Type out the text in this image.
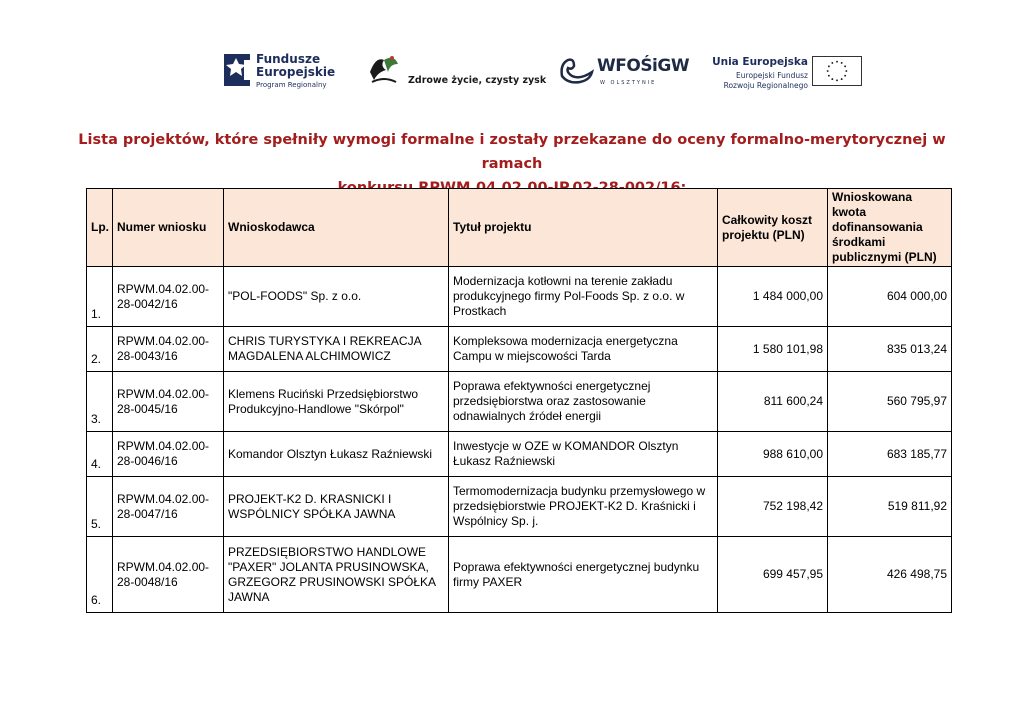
Fundusze
Europejskie
Program Regionalny	Zdrowe życie, czysty zysk
WFOŚiGW
W OLSZTYNIE
Unia Europejska
Europejski Fundusz
Rozwoju Regionalnego
Lista projektów, które spełniły wymogi formalne i zostały przekazane do oceny formalno-merytorycznej w ramach
Lp.	Numer wniosku	Wnioskodawca	Tytuł projektu	Całkowity koszt projektu (PLN)	Wnioskowana kwota dofinansowania środkami publicznymi (PLN)
1.	RPWM.04.02.00-28-0042/16	"POL-FOODS" Sp. z o.o.	Modernizacja kotłowni na terenie zakładu produkcyjnego firmy Pol-Foods Sp. z o.o. w Prostkach	1 484 000,00	604 000,00
2.	RPWM.04.02.00-28-0043/16	CHRIS TURYSTYKA I REKREACJA MAGDALENA ALCHIMOWICZ	Kompleksowa modernizacja energetyczna Campu w miejscowości Tarda	1 580 101,98	835 013,24
3.	RPWM.04.02.00-28-0045/16	Klemens Ruciński Przedsiębiorstwo Produkcyjno-Handlowe "Skórpol"	Poprawa efektywności energetycznej przedsiębiorstwa oraz zastosowanie odnawialnych źródeł energii	811 600,24	560 795,97
4.	RPWM.04.02.00-28-0046/16	Komandor Olsztyn Łukasz Raźniewski	Inwestycje w OZE w KOMANDOR Olsztyn Łukasz Raźniewski	988 610,00	683 185,77
5.	RPWM.04.02.00-28-0047/16	PROJEKT-K2 D. KRASNICKI I WSPÓLNICY SPÓŁKA JAWNA	Termomodernizacja budynku przemysłowego w przedsiębiorstwie PROJEKT-K2 D. Kraśnicki i Wspólnicy Sp. j.	752 198,42	519 811,92
6.	RPWM.04.02.00-28-0048/16	PRZEDSIĘBIORSTWO HANDLOWE "PAXER" JOLANTA PRUSINOWSKA, GRZEGORZ PRUSINOWSKI SPÓŁKA JAWNA	Poprawa efektywności energetycznej budynku firmy PAXER	699 457,95	426 498,75
